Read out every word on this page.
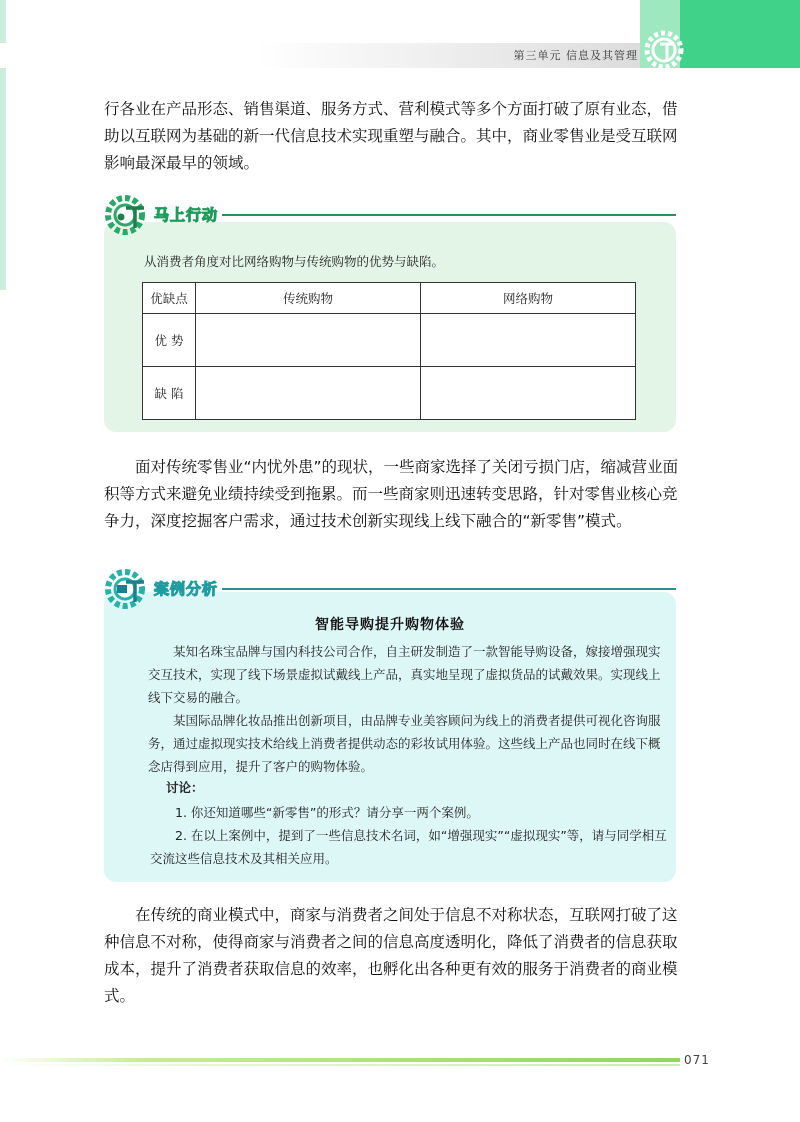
第三单元 信息及其管理

行各业在产品形态、销售渠道、服务方式、营利模式等多个方面打破了原有业态，借助以互联网为基础的新一代信息技术实现重塑与融合。其中，商业零售业是受互联网影响最深最早的领域。

马上行动
从消费者角度对比网络购物与传统购物的优势与缺陷。
优缺点	传统购物	网络购物
优 势		
缺 陷		

面对传统零售业“内忧外患”的现状，一些商家选择了关闭亏损门店，缩减营业面积等方式来避免业绩持续受到拖累。而一些商家则迅速转变思路，针对零售业核心竞争力，深度挖掘客户需求，通过技术创新实现线上线下融合的“新零售”模式。

案例分析
智能导购提升购物体验

某知名珠宝品牌与国内科技公司合作，自主研发制造了一款智能导购设备，嫁接增强现实交互技术，实现了线下场景虚拟试戴线上产品，真实地呈现了虚拟货品的试戴效果。实现线上线下交易的融合。

某国际品牌化妆品推出创新项目，由品牌专业美容顾问为线上的消费者提供可视化咨询服务，通过虚拟现实技术给线上消费者提供动态的彩妆试用体验。这些线上产品也同时在线下概念店得到应用，提升了客户的购物体验。

讨论：

1. 你还知道哪些“新零售”的形式？请分享一两个案例。

2. 在以上案例中，提到了一些信息技术名词，如“增强现实”“虚拟现实”等，请与同学相互交流这些信息技术及其相关应用。

在传统的商业模式中，商家与消费者之间处于信息不对称状态，互联网打破了这种信息不对称，使得商家与消费者之间的信息高度透明化，降低了消费者的信息获取成本，提升了消费者获取信息的效率，也孵化出各种更有效的服务于消费者的商业模式。

071
